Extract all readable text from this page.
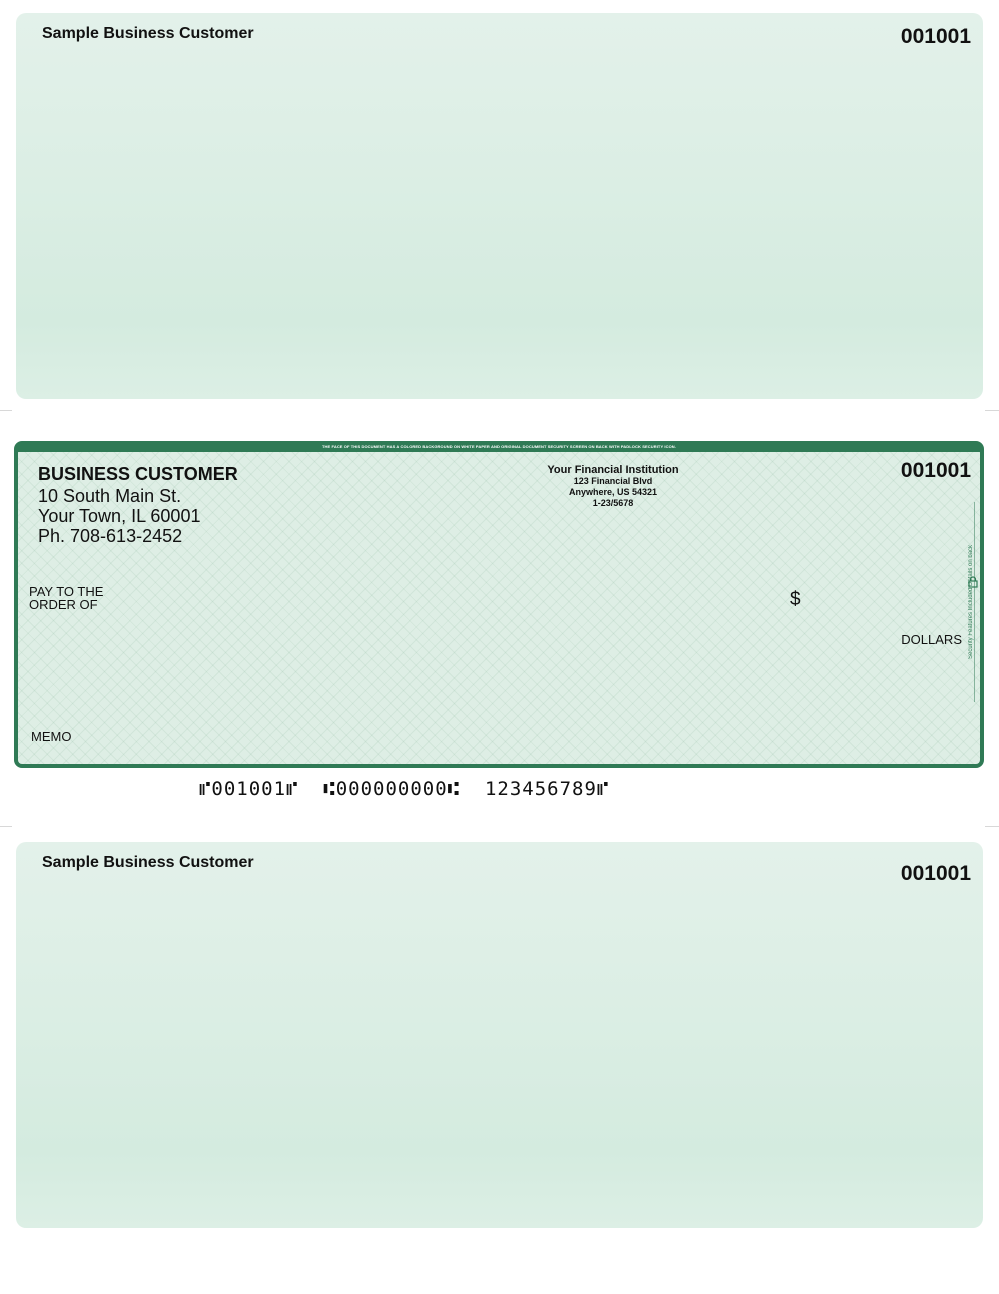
Sample Business Customer	001001
BUSINESS CUSTOMER
10 South Main St.
Your Town, IL 60001
Ph. 708-613-2452
Your Financial Institution
123 Financial Blvd
Anywhere, US 54321
1-23/5678
001001
PAY TO THE
ORDER OF	$
DOLLARS
MEMO
Security Features Included Details on back
THE FACE OF THIS DOCUMENT HAS A COLORED BACKGROUND ON WHITE PAPER AND ORIGINAL DOCUMENT SECURITY SCREEN ON BACK WITH PADLOCK SECURITY ICON.
⑈001001⑈  ⑆000000000⑆  123456789⑈
Sample Business Customer	001001
